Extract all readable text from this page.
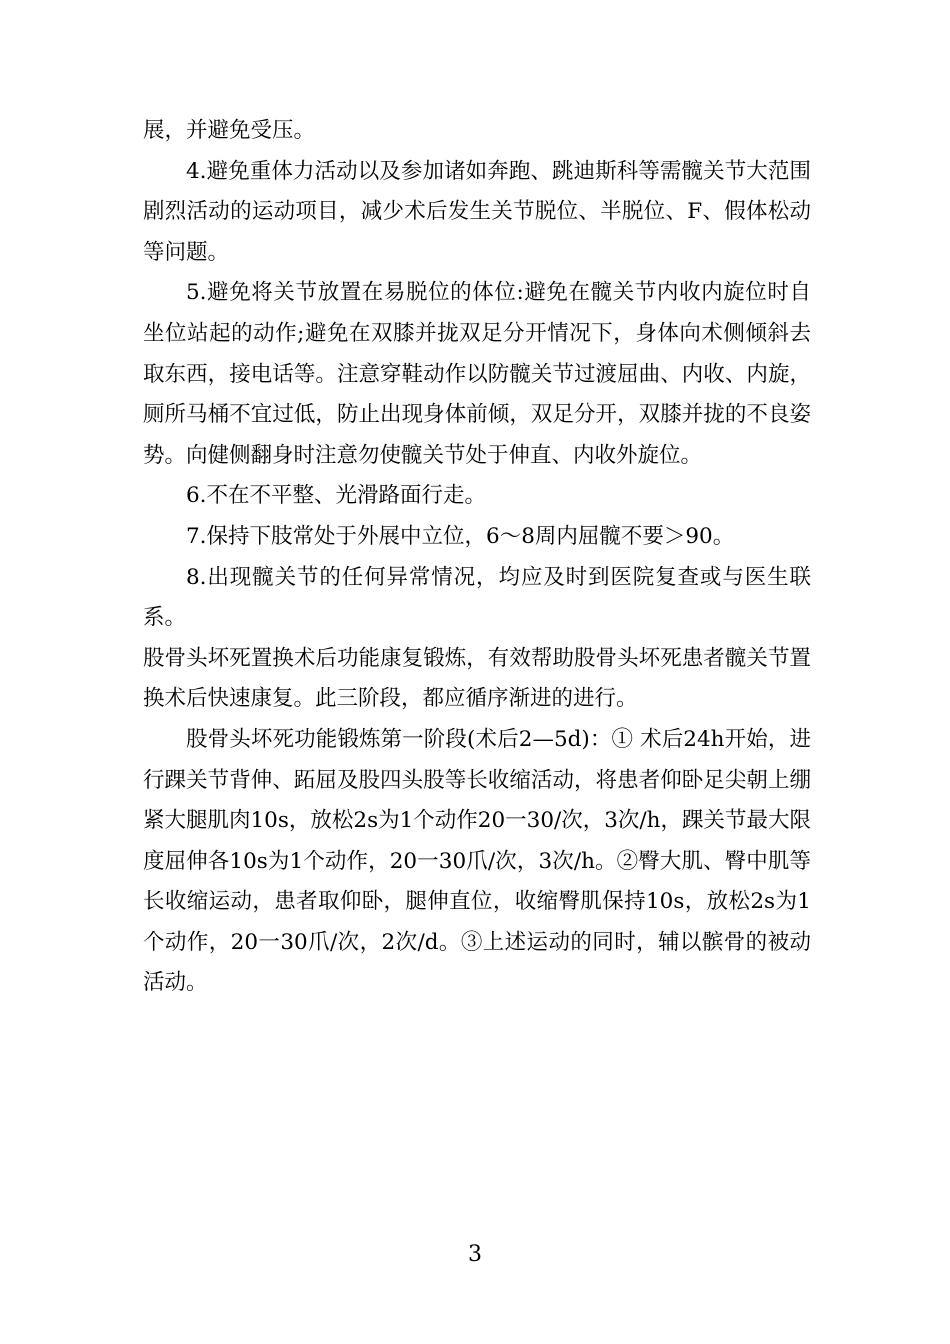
展，并避免受压。

4.避免重体力活动以及参加诸如奔跑、跳迪斯科等需髋关节大范围剧烈活动的运动项目，减少术后发生关节脱位、半脱位、F、假体松动等问题。

5.避免将关节放置在易脱位的体位:避免在髋关节内收内旋位时自坐位站起的动作;避免在双膝并拢双足分开情况下，身体向术侧倾斜去取东西，接电话等。注意穿鞋动作以防髋关节过渡屈曲、内收、内旋，厕所马桶不宜过低，防止出现身体前倾，双足分开，双膝并拢的不良姿势。向健侧翻身时注意勿使髋关节处于伸直、内收外旋位。

6.不在不平整、光滑路面行走。

7.保持下肢常处于外展中立位，6～8周内屈髋不要＞90。

8.出现髋关节的任何异常情况，均应及时到医院复查或与医生联系。

股骨头坏死置换术后功能康复锻炼，有效帮助股骨头坏死患者髋关节置换术后快速康复。此三阶段，都应循序渐进的进行。

股骨头坏死功能锻炼第一阶段(术后2—5d)：① 术后24h开始，进行踝关节背伸、跖屈及股四头股等长收缩活动，将患者仰卧足尖朝上绷紧大腿肌肉10s，放松2s为1个动作20一30/次，3次/h，踝关节最大限度屈伸各10s为1个动作，20一30爪/次，3次/h。②臀大肌、臀中肌等长收缩运动，患者取仰卧，腿伸直位，收缩臀肌保持10s，放松2s为1个动作，20一30爪/次，2次/d。③上述运动的同时，辅以髌骨的被动活动。

3
